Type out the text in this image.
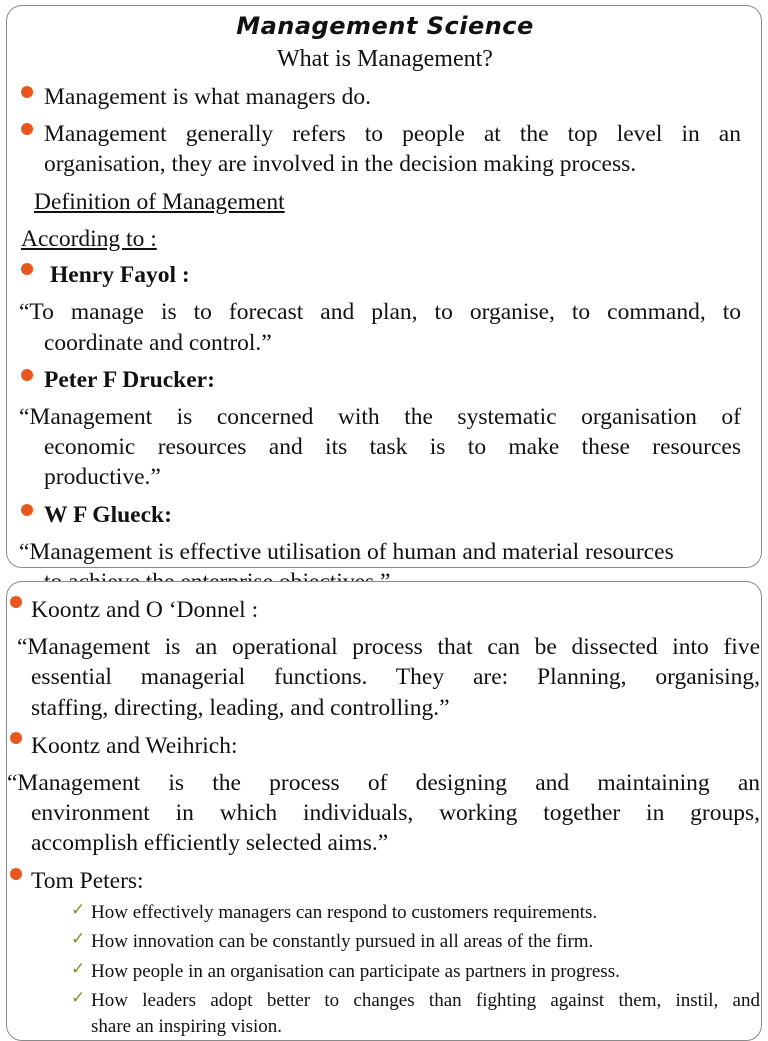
Management Science
What is Management?
Management is what managers do.
Management generally refers to people at the top level in an
organisation, they are involved in the decision making process.
Definition of Management
According to :
Henry Fayol :
“To manage is to forecast and plan, to organise, to command, to
coordinate and control.”
Peter F Drucker:
“Management is concerned with the systematic organisation of
economic resources and its task is to make these resources
productive.”
W F Glueck:
“Management is effective utilisation of human and material resources
Koontz and O ‘Donnel :
“Management is an operational process that can be dissected into five
essential managerial functions. They are: Planning, organising,
staffing, directing, leading, and controlling.”
Koontz and Weihrich:
“Management is the process of designing and maintaining an
environment in which individuals, working together in groups,
accomplish efficiently selected aims.”
Tom Peters:
✓ How effectively managers can respond to customers requirements.
✓ How innovation can be constantly pursued in all areas of the firm.
✓ How people in an organisation can participate as partners in progress.
✓ How leaders adopt better to changes than fighting against them, instil, and
share an inspiring vision.
